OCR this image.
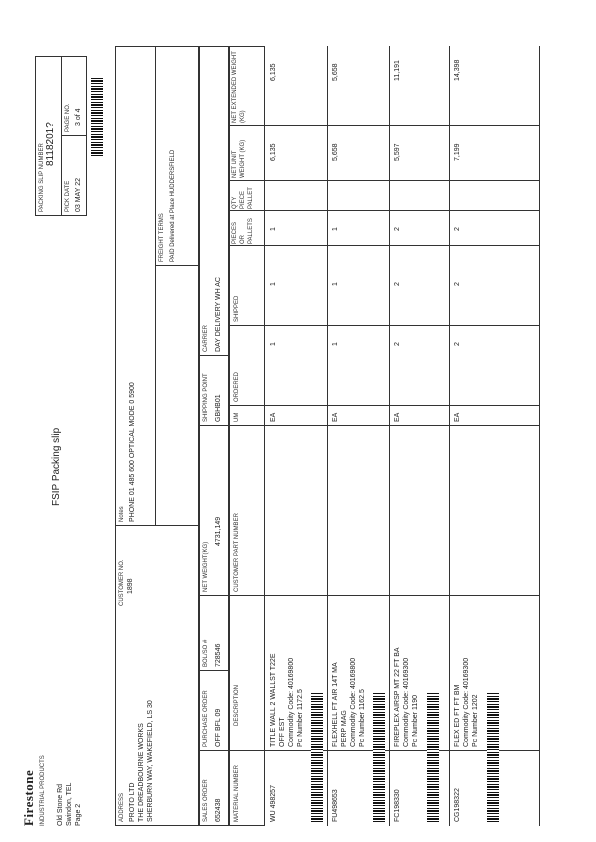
Firestone INDUSTRIAL PRODUCTS Old Stone Rd Swindon, TEL Page 2
FSIP Packing slip
PACKING SLIP NUMBER 8118201?
PICK DATE 03 MAY 22
PAGE NO. 3 of 4
ADDRESS
CUSTOMER NO. 1898
PROTO LTD THE DREADBOURNE WORKS SHERBURN WAY, WAKEFIELD, LS 30
Notes PHONE 01 485 600 OPTICAL MODE 0 5900
FREIGHT TERMS PAID Delivered at Place HUDDERSFIELD
SALES ORDER 652438
PURCHASE ORDER OFF BFL 09
BOL/SO # 728546
NET WEIGHT(KG)
4731,149
SHIPPING POINT GBHB01
CARRIER DAY DELIVERY WH AC
MATERIAL NUMBER
DESCRIPTION
CUSTOMER PART NUMBER
UM
ORDERED
SHIPPED
PIECES OR PALLETS
QTY PIECE PALLET
NET UNIT WEIGHT (KG)
NET EXTENDED WEIGHT (KG)
WU 498257
TITLE WALL 2 WALLST T22E OFF EST Commodity Code: 40169800 Pc Number 1172.5
EA
1
1
1
6,135
6,135
FU498653
FLEXHELL FT AIR 14T MA PERP MAG Commodity Code: 40169800 Pc Number 1162.5
EA
1
1
1
5,658
5,658
FC198330
FIREPLEX AIRSP MT 22 FT BA Commodity Code: 40169300 Pc Number 1190
EA
2
2
2
5,597
11,191
CG198322
FLEX ED FT FT BM Commodity Code: 40169300 Pc Number 1202
EA
2
2
2
7,199
14,398
